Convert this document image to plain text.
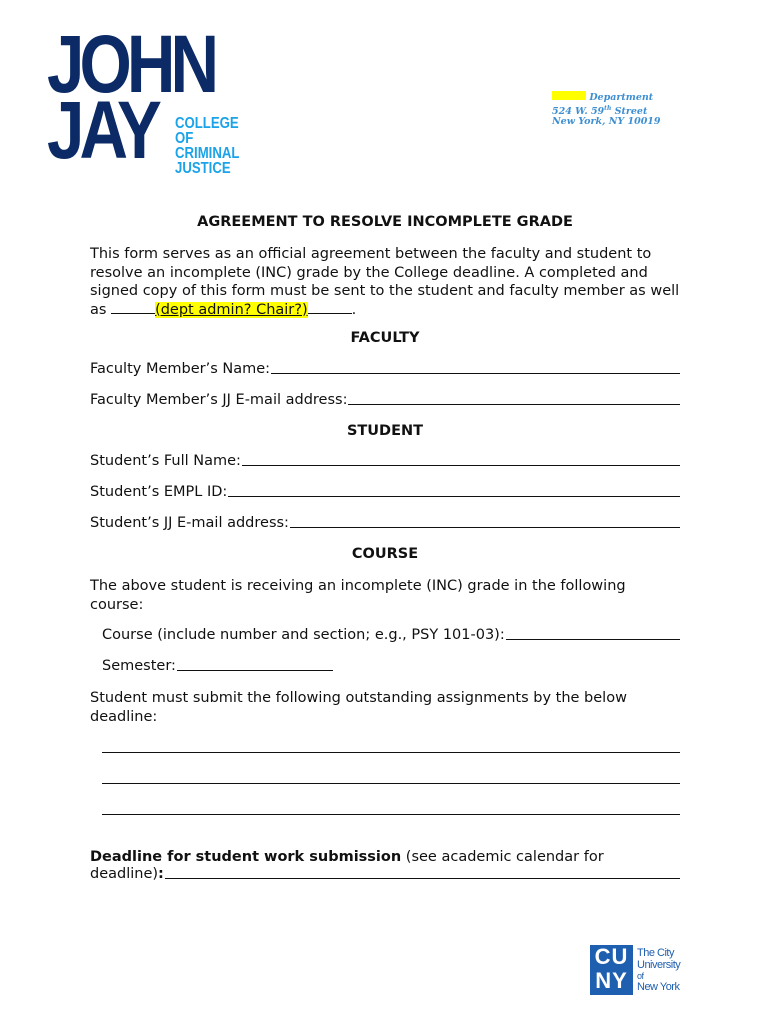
JOHN
JAY	COLLEGE
OF
CRIMINAL
JUSTICE
Department
524 W. 59th Street
New York, NY 10019
AGREEMENT TO RESOLVE INCOMPLETE GRADE
This form serves as an official agreement between the faculty and student to resolve an incomplete (INC) grade by the College deadline. A completed and signed copy of this form must be sent to the student and faculty member as well as	(dept admin? Chair?)	.
FACULTY
Faculty Member’s Name:
Faculty Member’s JJ E-mail address:
STUDENT
Student’s Full Name:
Student’s EMPL ID:
Student’s JJ E-mail address:
COURSE
The above student is receiving an incomplete (INC) grade in the following course:
Course (include number and section; e.g., PSY 101-03):
Semester:
Student must submit the following outstanding assignments by the below deadline:
Deadline for student work submission (see academic calendar for
deadline) :
CU
NY
The City
University
of
New York
